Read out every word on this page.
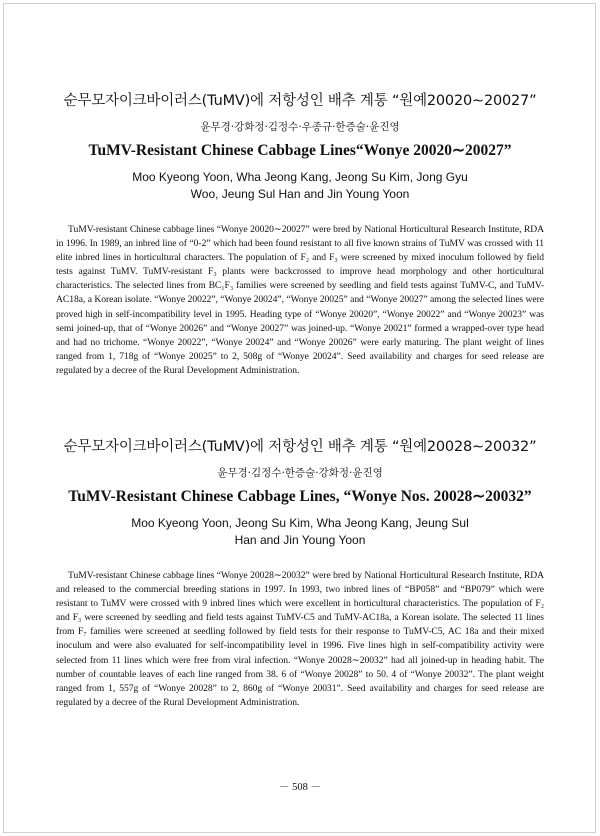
순무모자이크바이러스(TuMV)에 저항성인 배추 계통 “원예20020∼20027”
윤무경·강화정·김정수·우종규·한증술·윤진영
TuMV-Resistant Chinese Cabbage Lines“Wonye 20020∼20027”
Moo Kyeong Yoon, Wha Jeong Kang, Jeong Su Kim, Jong Gyu Woo, Jeung Sul Han and Jin Young Yoon

TuMV-resistant Chinese cabbage lines “Wonye 20020∼20027” were bred by National Horticultural Research Institute, RDA in 1996. In 1989, an inbred line of “0-2” which had been found resistant to all five known strains of TuMV was crossed with 11 elite inbred lines in horticultural characters. The population of F₂ and F₃ were screened by mixed inoculum followed by field tests against TuMV. TuMV-resistant F₃ plants were backcrossed to improve head morphology and other horticultural characteristics. The selected lines from BC₁F₃ families were screened by seedling and field tests against TuMV-C, and TuMV-AC18a, a Korean isolate. “Wonye 20022”, “Wonye 20024”, “Wonye 20025” and “Wonye 20027” among the selected lines were proved high in self-incompatibility level in 1995. Heading type of “Wonye 20020”, “Wonye 20022” and “Wonye 20023” was semi joined-up, that of “Wonye 20026” and “Wonye 20027” was joined-up. “Wonye 20021” formed a wrapped-over type head and had no trichome. “Wonye 20022”, “Wonye 20024” and “Wonye 20026” were early maturing. The plant weight of lines ranged from 1, 718g of “Wonye 20025” to 2, 508g of “Wonye 20024”. Seed availability and charges for seed release are regulated by a decree of the Rural Development Administration.

순무모자이크바이러스(TuMV)에 저항성인 배추 계통 “원예20028∼20032”
윤무경·김정수·한증술·강화정·윤진영
TuMV-Resistant Chinese Cabbage Lines, “Wonye Nos. 20028∼20032”
Moo Kyeong Yoon, Jeong Su Kim, Wha Jeong Kang, Jeung Sul Han and Jin Young Yoon

TuMV-resistant Chinese cabbage lines “Wonye 20028∼20032” were bred by National Horticultural Research Institute, RDA and released to the commercial breeding stations in 1997. In 1993, two inbred lines of “BP058” and “BP079” which were resistant to TuMV were crossed with 9 inbred lines which were excellent in horticultural characteristics. The population of F₂ and F₃ were screened by seedling and field tests against TuMV-C5 and TuMV-AC18a, a Korean isolate. The selected 11 lines from F₇ families were screened at seedling followed by field tests for their response to TuMV-C5, AC 18a and their mixed inoculum and were also evaluated for self-incompatibility level in 1996. Five lines high in self-compatibility activity were selected from 11 lines which were free from viral infection. “Wonye 20028∼20032” had all joined-up in heading habit. The number of countable leaves of each line ranged from 38. 6 of “Wonye 20028” to 50. 4 of “Wonye 20032”. The plant weight ranged from 1, 557g of “Wonye 20028” to 2, 860g of “Wonye 20031”. Seed availability and charges for seed release are regulated by a decree of the Rural Development Administration.

－ 508 －
